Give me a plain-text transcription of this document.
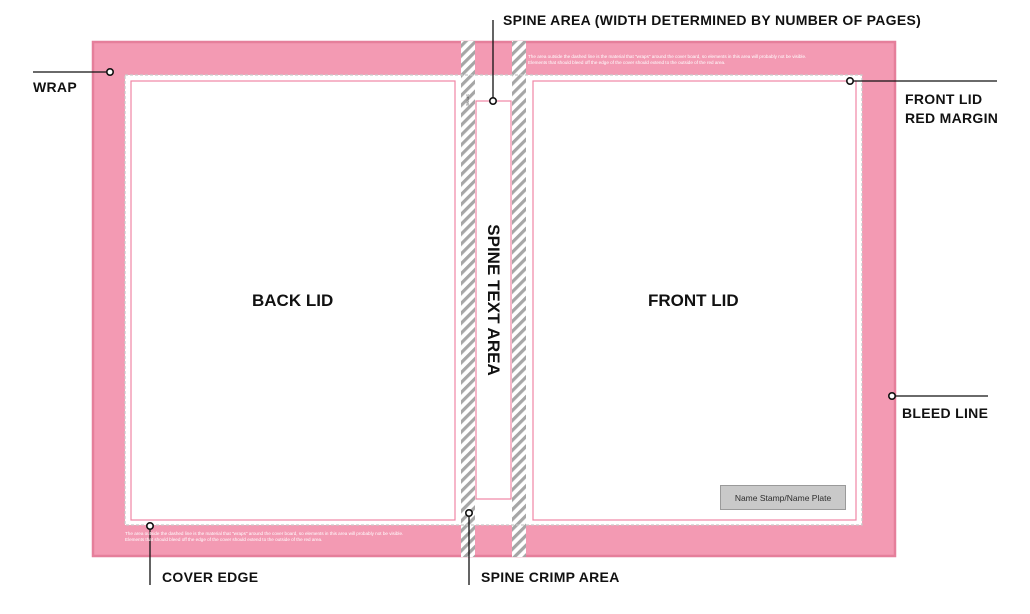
The area outside the dashed line is the material that "wraps" around the cover board, so elements in this area will probably not be visible.
Elements that should bleed off the edge of the cover should extend to the outside of the red area.
The area outside the dashed line is the material that "wraps" around the cover board, so elements in this area will probably not be visible.
Elements that should bleed off the edge of the cover should extend to the outside of the red area.
BACK LID	FRONT LID
SPINE TEXT AREA
SPINE
Name Stamp/Name Plate
SPINE AREA (WIDTH DETERMINED BY NUMBER OF PAGES)
WRAP
FRONT LID
RED MARGIN
BLEED LINE
COVER EDGE	SPINE CRIMP AREA
